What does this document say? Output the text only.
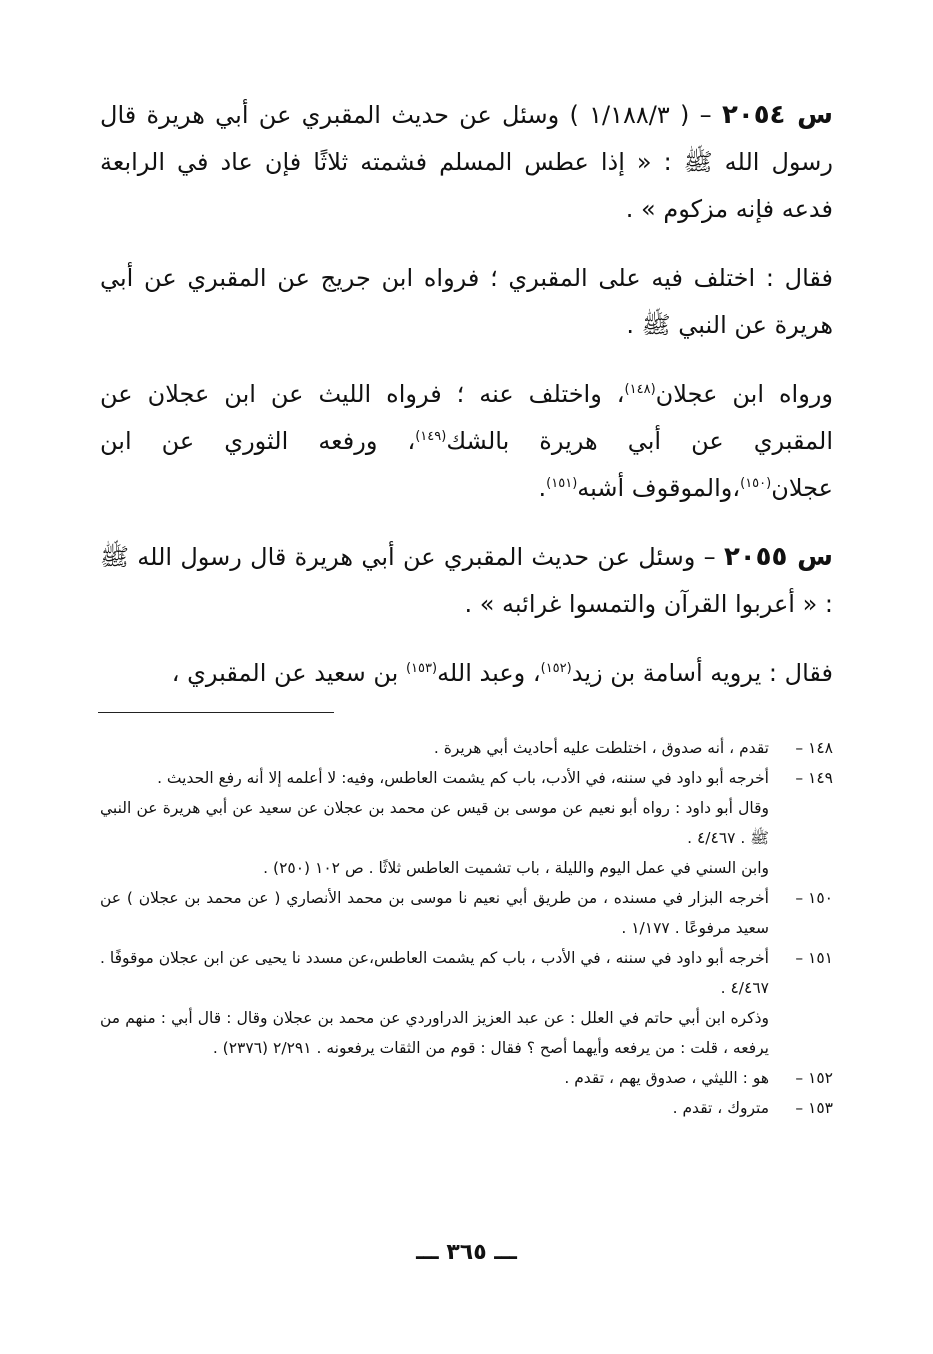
س ٢٠٥٤ – ( ١/١٨٨/٣ ) وسئل عن حديث المقبري عن أبي هريرة قال رسول الله ﷺ : « إذا عطس المسلم فشمته ثلاثًا فإن عاد في الرابعة فدعه فإنه مزكوم » .

فقال : اختلف فيه على المقبري ؛ فرواه ابن جريج عن المقبري عن أبي هريرة عن النبي ﷺ .

ورواه ابن عجلان$^{(١٤٨)}$، واختلف عنه ؛ فرواه الليث عن ابن عجلان عن المقبري عن أبي هريرة بالشك$^{(١٤٩)}$، ورفعه الثوري عن ابن عجلان$^{(١٥٠)}$،والموقوف أشبه$^{(١٥١)}$.

س ٢٠٥٥ – وسئل عن حديث المقبري عن أبي هريرة قال رسول الله ﷺ : « أعربوا القرآن والتمسوا غرائبه » .

فقال : يرويه أسامة بن زيد$^{(١٥٢)}$، وعبد الله$^{(١٥٣)}$ بن سعيد عن المقبري ،

١٤٨ –

تقدم ، أنه صدوق ، اختلطت عليه أحاديث أبي هريرة .

١٤٩ –

أخرجه أبو داود في سننه، في الأدب، باب كم يشمت العاطس، وفيه: لا أعلمه إلا أنه رفع الحديث .

وقال أبو داود : رواه أبو نعيم عن موسى بن قيس عن محمد بن عجلان عن سعيد عن أبي هريرة عن النبي ﷺ . ٤/٤٦٧ .

وابن السني في عمل اليوم والليلة ، باب تشميت العاطس ثلاثًا . ص ١٠٢ (٢٥٠) .

١٥٠ –

أخرجه البزار في مسنده ، من طريق أبي نعيم نا موسى بن محمد الأنصاري ( عن محمد بن عجلان ) عن سعيد مرفوعًا . ١/١٧٧ .

١٥١ –

أخرجه أبو داود في سننه ، في الأدب ، باب كم يشمت العاطس،عن مسدد نا يحيى عن ابن عجلان موقوفًا . ٤/٤٦٧ .

وذكره ابن أبي حاتم في العلل : عن عبد العزيز الدراوردي عن محمد بن عجلان وقال : قال أبي : منهم من يرفعه ، قلت : من يرفعه وأيهما أصح ؟ فقال : قوم من الثقات يرفعونه . ٢/٢٩١ (٢٣٧٦) .

١٥٢ –

هو : الليثي ، صدوق يهم ، تقدم .

١٥٣ –

متروك ، تقدم .

ـــ ٣٦٥ ـــ
